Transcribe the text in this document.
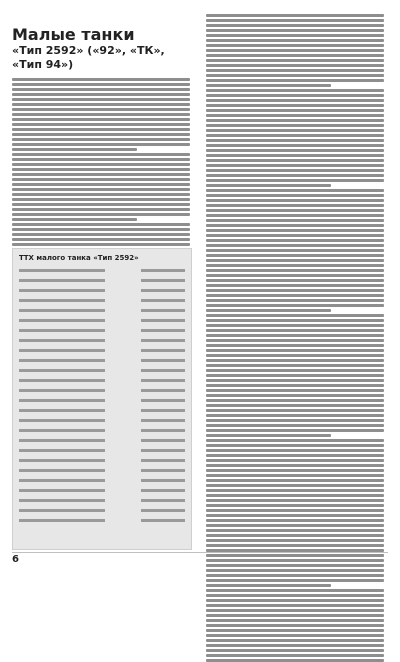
Малые танки
«Тип 2592» («92», «ТК», «Тип 94»)
ТТХ малого танка «Тип 2592»
6
